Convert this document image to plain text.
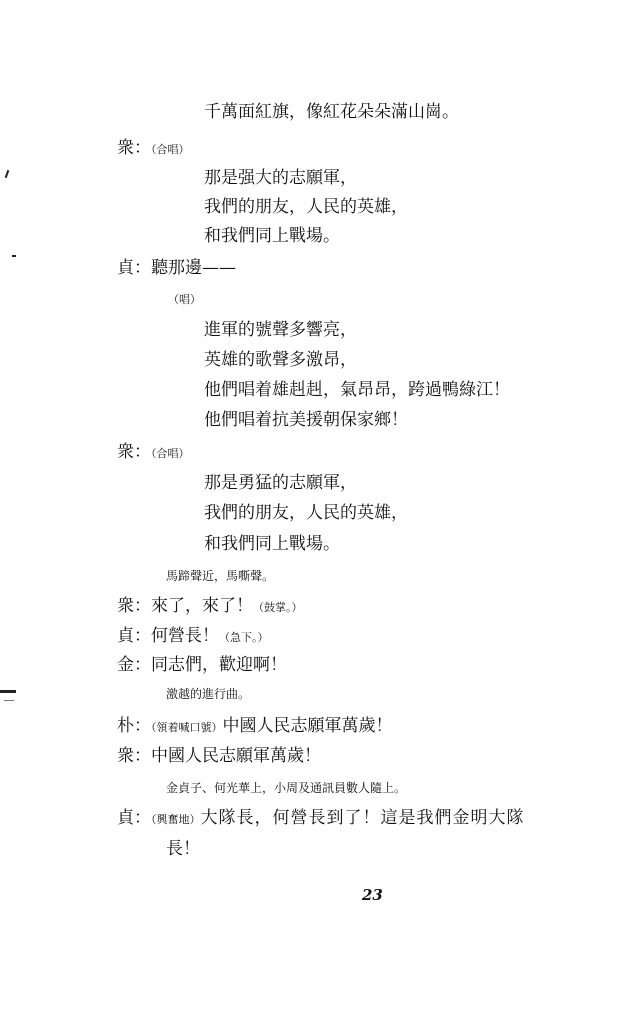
千萬面紅旗，像紅花朵朵滿山崗。
衆：（合唱）
那是强大的志願軍，
我們的朋友，人民的英雄，
和我們同上戰場。
貞：聽那邊——
（唱）
進軍的號聲多響亮，
英雄的歌聲多激昂，
他們唱着雄赳赳，氣昂昂，跨過鴨綠江！
他們唱着抗美援朝保家鄉！
衆：（合唱）
那是勇猛的志願軍，
我們的朋友，人民的英雄，
和我們同上戰場。
馬蹄聲近，馬嘶聲。
衆：來了，來了！（鼓掌。）
貞：何營長！（急下。）
金：同志們，歡迎啊！
激越的進行曲。
朴：（領着喊口號）中國人民志願軍萬歲！
衆：中國人民志願軍萬歲！
金貞子、何光華上，小周及通訊員數人隨上。
貞：（興奮地）大隊長，何營長到了！這是我們金明大隊
長！
23
